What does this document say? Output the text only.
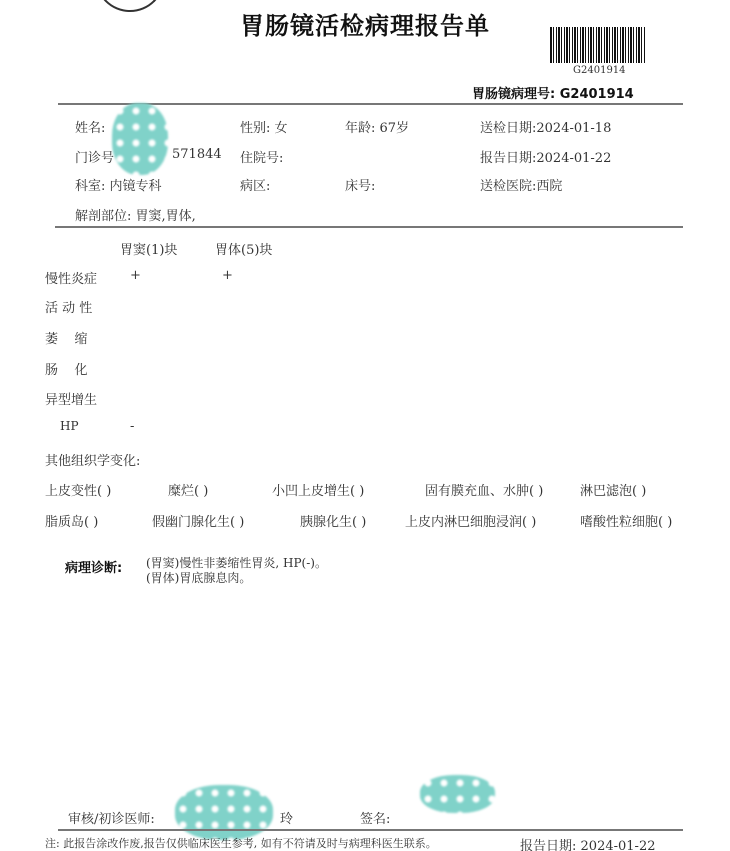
胃肠镜活检病理报告单
G2401914
胃肠镜病理号: G2401914
姓名:	性别: 女	年龄: 67岁	送检日期:2024-01-18
门诊号	571844 住院号:	报告日期:2024-01-22
科室: 内镜专科	病区:	床号:	送检医院:西院
解剖部位: 胃窦,胃体,
胃窦(1)块	胃体(5)块
慢性炎症	+	+
活 动 性
萎    缩
肠    化
异型增生
HP	-
其他组织学变化:
上皮变性( )	糜烂( )	小凹上皮增生( )	固有膜充血、水肿( )	淋巴滤泡( )
脂质岛( )	假幽门腺化生( )	胰腺化生( )	上皮内淋巴细胞浸润( )	嗜酸性粒细胞( )
病理诊断: (胃窦)慢性非萎缩性胃炎, HP(-)。
(胃体)胃底腺息肉。
审核/初诊医师:	玲	签名:
注: 此报告涂改作废,报告仅供临床医生参考, 如有不符请及时与病理科医生联系。	报告日期: 2024-01-22
